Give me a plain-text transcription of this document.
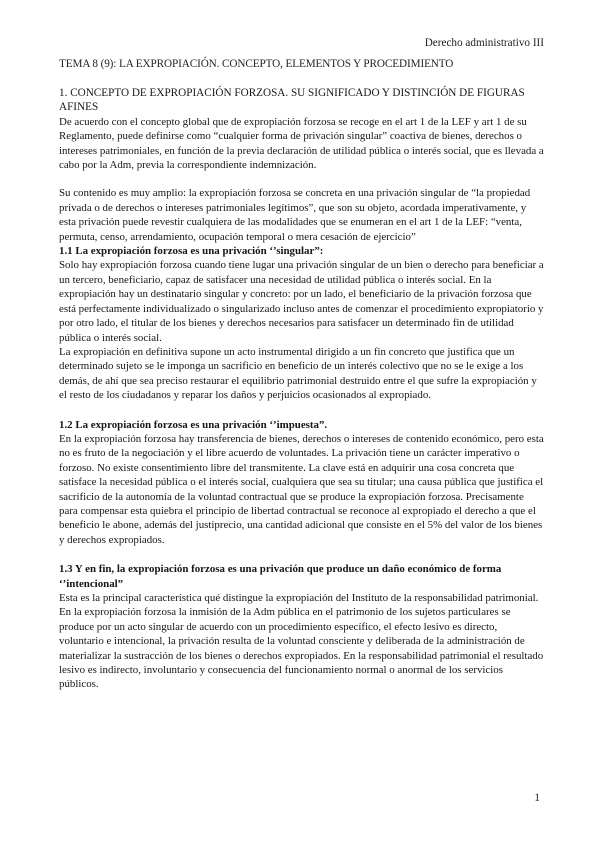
Derecho administrativo III
TEMA 8 (9): LA EXPROPIACIÓN. CONCEPTO, ELEMENTOS Y PROCEDIMIENTO

1. CONCEPTO DE EXPROPIACIÓN FORZOSA. SU SIGNIFICADO Y DISTINCIÓN DE FIGURAS AFINES

De acuerdo con el concepto global que de expropiación forzosa se recoge en el art 1 de la LEF y art 1 de su Reglamento, puede definirse como “cualquier forma de privación singular” coactiva de bienes, derechos o intereses patrimoniales, en función de la previa declaración de utilidad pública o interés social, que es llevada a cabo por la Adm, previa la correspondiente indemnización.

Su contenido es muy amplio: la expropiación forzosa se concreta en una privación singular de “la propiedad privada o de derechos o intereses patrimoniales legítimos”, que son su objeto, acordada imperativamente, y esta privación puede revestir cualquiera de las modalidades que se enumeran en el art 1 de la LEF: “venta, permuta, censo, arrendamiento, ocupación temporal o mera cesación de ejercicio”

1.1 La expropiación forzosa es una privación ‘’singular”:

Solo hay expropiación forzosa cuando tiene lugar una privación singular de un bien o derecho para beneficiar a un tercero, beneficiario, capaz de satisfacer una necesidad de utilidad pública o interés social. En la expropiación hay un destinatario singular y concreto: por un lado, el beneficiario de la privación forzosa que está perfectamente individualizado o singularizado incluso antes de comenzar el procedimiento expropiatorio y por otro lado, el titular de los bienes y derechos necesarios para satisfacer un determinado fin de utilidad pública o interés social.

La expropiación en definitiva supone un acto instrumental dirigido a un fin concreto que justifica que un determinado sujeto se le imponga un sacrificio en beneficio de un interés colectivo que no se le exige a los demás, de ahí que sea preciso restaurar el equilibrio patrimonial destruido entre el que sufre la expropiación y el resto de los ciudadanos y reparar los daños y perjuicios ocasionados al expropiado.

1.2 La expropiación forzosa es una privación ‘’impuesta”.

En la expropiación forzosa hay transferencia de bienes, derechos o intereses de contenido económico, pero esta no es fruto de la negociación y el libre acuerdo de voluntades. La privación tiene un carácter imperativo o forzoso. No existe consentimiento libre del transmitente. La clave está en adquirir una cosa concreta que satisface la necesidad pública o el interés social, cualquiera que sea su titular; una causa pública que justifica el sacrificio de la autonomía de la voluntad contractual que se produce la expropiación forzosa. Precisamente para compensar esta quiebra el principio de libertad contractual se reconoce al expropiado el derecho a que el beneficio le abone, además del justiprecio, una cantidad adicional que consiste en el 5% del valor de los bienes y derechos expropiados.

1.3 Y en fin, la expropiación forzosa es una privación que produce un daño económico de forma ‘’intencional”

Esta es la principal característica qué distingue la expropiación del Instituto de la responsabilidad patrimonial. En la expropiación forzosa la inmisión de la Adm pública en el patrimonio de los sujetos particulares se produce por un acto singular de acuerdo con un procedimiento específico, el efecto lesivo es directo, voluntario e intencional, la privación resulta de la voluntad consciente y deliberada de la administración de materializar la sustracción de los bienes o derechos expropiados. En la responsabilidad patrimonial el resultado lesivo es indirecto, involuntario y consecuencia del funcionamiento normal o anormal de los servicios públicos.

1
